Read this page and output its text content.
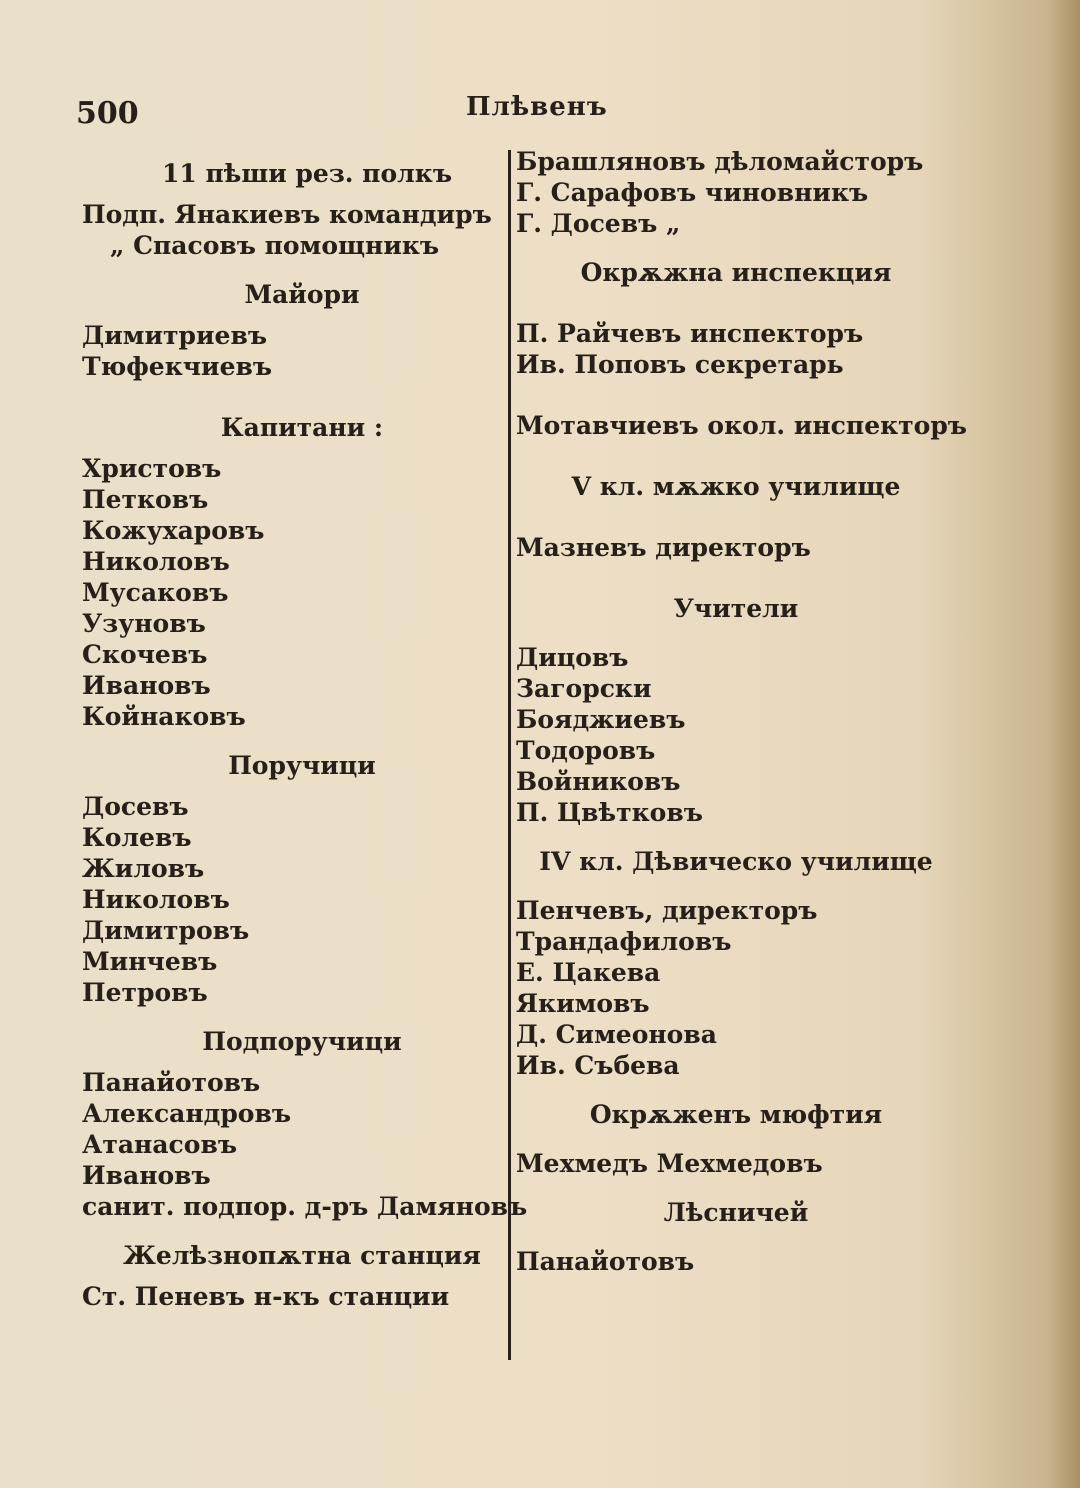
500	Плѣвенъ
11 пѣши рез. полкъ
Подп. Янакиевъ командиръ
„ Спасовъ помощникъ
Майори
Димитриевъ
Тюфекчиевъ
Капитани :
Христовъ
Петковъ
Кожухаровъ
Николовъ
Мусаковъ
Узуновъ
Скочевъ
Ивановъ
Койнаковъ
Поручици
Досевъ
Колевъ
Жиловъ
Николовъ
Димитровъ
Минчевъ
Петровъ
Подпоручици
Панайотовъ
Александровъ
Атанасовъ
Ивановъ
санит. подпор. д-ръ Дамяновъ
Желѣзнопѫтна станция
Ст. Пеневъ н-къ станции
Брашляновъ дѣломайсторъ
Г. Сарафовъ чиновникъ
Г. Досевъ „
Окрѫжна инспекция
П. Райчевъ инспекторъ
Ив. Поповъ секретарь
Мотавчиевъ окол. инспекторъ
V кл. мѫжко училище
Мазневъ директоръ
Учители
Дицовъ
Загорски
Бояджиевъ
Тодоровъ
Войниковъ
П. Цвѣтковъ
IV кл. Дѣвическо училище
Пенчевъ, директоръ
Трандафиловъ
Е. Цакева
Якимовъ
Д. Симеонова
Ив. Събева
Окрѫженъ мюфтия
Мехмедъ Мехмедовъ
Лѣсничей
Панайотовъ
